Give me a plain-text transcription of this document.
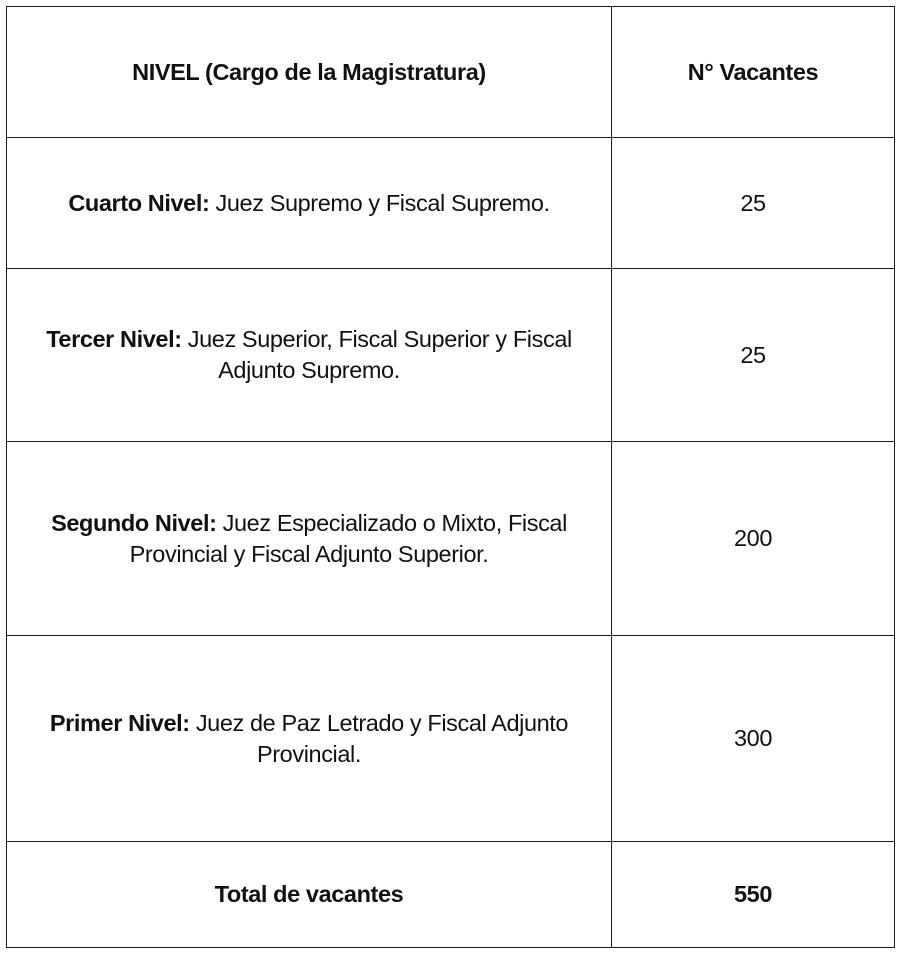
NIVEL (Cargo de la Magistratura)	N° Vacantes
Cuarto Nivel: Juez Supremo y Fiscal Supremo.	25
Tercer Nivel: Juez Superior, Fiscal Superior y Fiscal Adjunto Supremo.	25
Segundo Nivel: Juez Especializado o Mixto, Fiscal Provincial y Fiscal Adjunto Superior.	200
Primer Nivel: Juez de Paz Letrado y Fiscal Adjunto Provincial.	300
Total de vacantes	550
